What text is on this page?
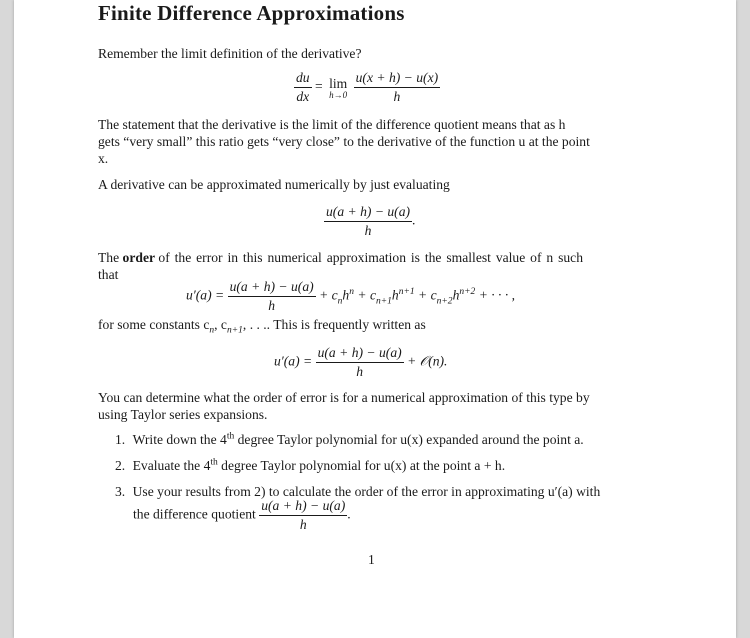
Finite Difference Approximations
Remember the limit definition of the derivative?
$\frac{du}{dx} = \lim$
h→0
$\frac{u(x + h) - u(x)}{h}$
The statement that the derivative is the limit of the difference quotient means that as h
gets “very small” this ratio gets “very close” to the derivative of the function u at the point
x.
A derivative can be approximated numerically by just evaluating
$\frac{u(a + h) - u(a)}{h}$ .
The order of the error in this numerical approximation is the smallest value of n such
that
$u'(a) = \frac{u(a + h) - u(a)}{h} + c_nh^n + c_{n+1}h^{n+1} + c_{n+2}h^{n+2}$ + · · · ,
for some constants $c_n$, $c_{n+1}$, . . .. This is frequently written as
$u'(a) = \frac{u(a + h) - u(a)}{h}$ + 𝒪(n).
You can determine what the order of error is for a numerical approximation of this type by
using Taylor series expansions.
1. Write down the 4th degree Taylor polynomial for u(x) expanded around the point a.
2. Evaluate the 4th degree Taylor polynomial for u(x) at the point a + h.
3. Use your results from 2) to calculate the order of the error in approximating u′(a) with
the difference quotient $\frac{u(a + h) - u(a)}{h}$ .
1
